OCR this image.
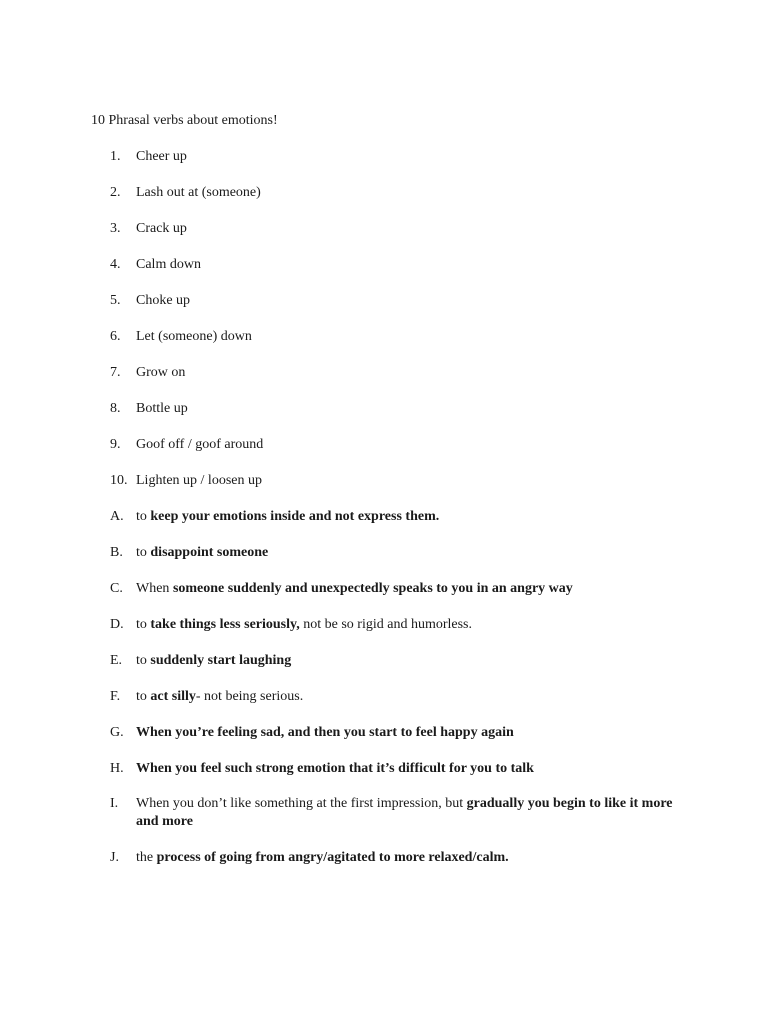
10 Phrasal verbs about emotions!
1.	Cheer up
2.	Lash out at (someone)
3.	Crack up
4.	Calm down
5.	Choke up
6.	Let (someone) down
7.	Grow on
8.	Bottle up
9.	Goof off / goof around
10. Lighten up / loosen up
A. to keep your emotions inside and not express them.
B. to disappoint someone
C. When someone suddenly and unexpectedly speaks to you in an angry way
D. to take things less seriously, not be so rigid and humorless.
E. to suddenly start laughing
F.	to act silly- not being serious.
G. When you’re feeling sad, and then you start to feel happy again
H. When you feel such strong emotion that it’s difficult for you to talk
I.	When you don’t like something at the first impression, but gradually you begin to like it more and more
J.	the process of going from angry/agitated to more relaxed/calm.
